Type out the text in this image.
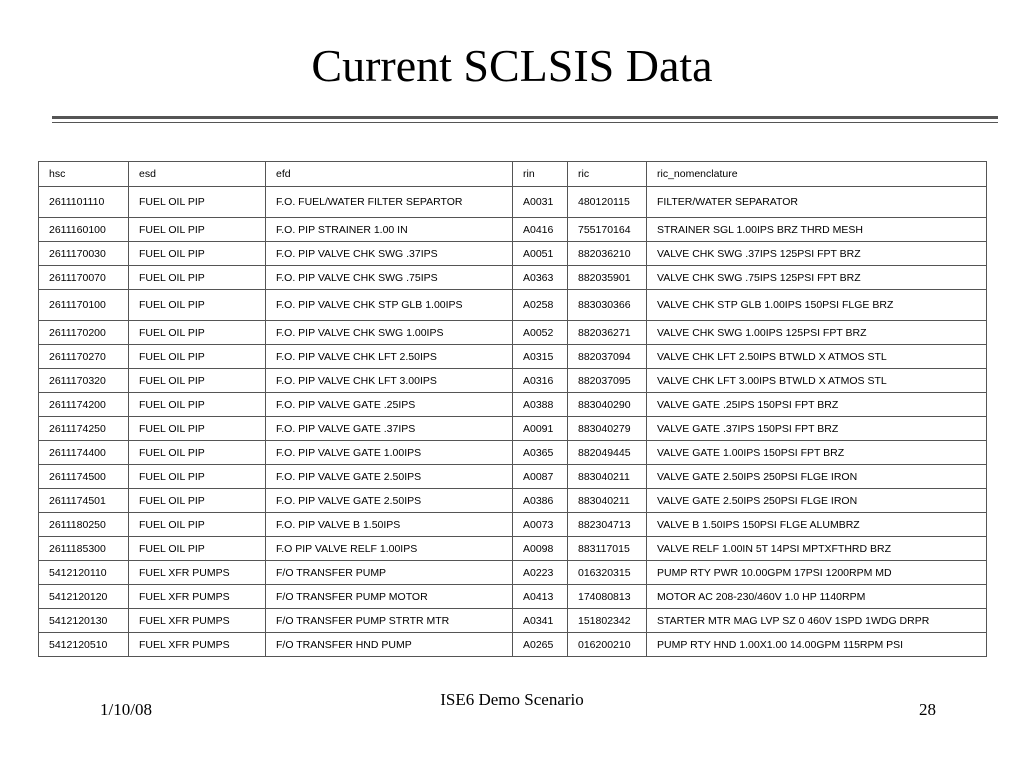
Current SCLSIS Data
hsc	esd	efd	rin	ric	ric_nomenclature
2611101110	FUEL OIL PIP	F.O. FUEL/WATER FILTER SEPARTOR	A0031	480120115	FILTER/WATER SEPARATOR
2611160100	FUEL OIL PIP	F.O. PIP STRAINER 1.00 IN	A0416	755170164	STRAINER SGL 1.00IPS BRZ THRD MESH
2611170030	FUEL OIL PIP	F.O. PIP VALVE CHK SWG .37IPS	A0051	882036210	VALVE CHK SWG .37IPS 125PSI FPT BRZ
2611170070	FUEL OIL PIP	F.O. PIP VALVE CHK SWG .75IPS	A0363	882035901	VALVE CHK SWG .75IPS 125PSI FPT BRZ
2611170100	FUEL OIL PIP	F.O. PIP VALVE CHK STP GLB 1.00IPS	A0258	883030366	VALVE CHK STP GLB 1.00IPS 150PSI FLGE BRZ
2611170200	FUEL OIL PIP	F.O. PIP VALVE CHK SWG 1.00IPS	A0052	882036271	VALVE CHK SWG 1.00IPS 125PSI FPT BRZ
2611170270	FUEL OIL PIP	F.O. PIP VALVE CHK LFT 2.50IPS	A0315	882037094	VALVE CHK LFT 2.50IPS BTWLD X ATMOS STL
2611170320	FUEL OIL PIP	F.O. PIP VALVE CHK LFT 3.00IPS	A0316	882037095	VALVE CHK LFT 3.00IPS BTWLD X ATMOS STL
2611174200	FUEL OIL PIP	F.O. PIP VALVE GATE .25IPS	A0388	883040290	VALVE GATE .25IPS 150PSI FPT BRZ
2611174250	FUEL OIL PIP	F.O. PIP VALVE GATE .37IPS	A0091	883040279	VALVE GATE .37IPS 150PSI FPT BRZ
2611174400	FUEL OIL PIP	F.O. PIP VALVE GATE 1.00IPS	A0365	882049445	VALVE GATE 1.00IPS 150PSI FPT BRZ
2611174500	FUEL OIL PIP	F.O. PIP VALVE GATE 2.50IPS	A0087	883040211	VALVE GATE 2.50IPS 250PSI FLGE IRON
2611174501	FUEL OIL PIP	F.O. PIP VALVE GATE 2.50IPS	A0386	883040211	VALVE GATE 2.50IPS 250PSI FLGE IRON
2611180250	FUEL OIL PIP	F.O. PIP VALVE B 1.50IPS	A0073	882304713	VALVE B 1.50IPS 150PSI FLGE ALUMBRZ
2611185300	FUEL OIL PIP	F.O PIP VALVE RELF 1.00IPS	A0098	883117015	VALVE RELF 1.00IN 5T 14PSI MPTXFTHRD BRZ
5412120110	FUEL XFR PUMPS	F/O TRANSFER PUMP	A0223	016320315	PUMP RTY PWR 10.00GPM 17PSI 1200RPM MD
5412120120	FUEL XFR PUMPS	F/O TRANSFER PUMP MOTOR	A0413	174080813	MOTOR AC 208-230/460V 1.0 HP 1140RPM
5412120130	FUEL XFR PUMPS	F/O TRANSFER PUMP STRTR MTR	A0341	151802342	STARTER MTR MAG LVP SZ 0 460V 1SPD 1WDG DRPR
5412120510	FUEL XFR PUMPS	F/O TRANSFER HND PUMP	A0265	016200210	PUMP RTY HND 1.00X1.00 14.00GPM 115RPM PSI
1/10/08
ISE6 Demo Scenario
28
